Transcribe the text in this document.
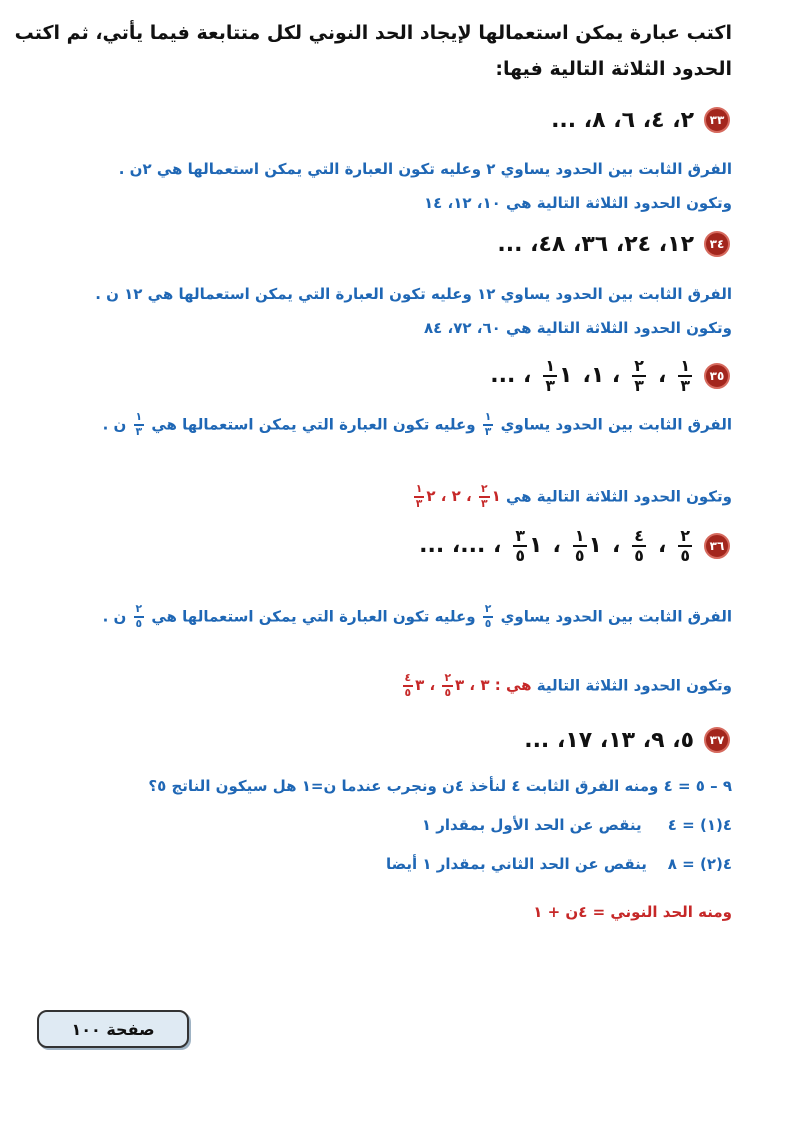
اكتب عبارة يمكن استعمالها لإيجاد الحد النوني لكل متتابعة فيما يأتي، ثم اكتب
الحدود الثلاثة التالية فيها:
٣٣
٢، ٤، ٦، ٨، ...
الفرق الثابت بين الحدود يساوي ٢ وعليه تكون العبارة التي يمكن استعمالها هي ٢ن .
وتكون الحدود الثلاثة التالية هي ١٠، ١٢، ١٤
٣٤
١٢، ٢٤، ٣٦، ٤٨، ...
الفرق الثابت بين الحدود يساوي ١٢ وعليه تكون العبارة التي يمكن استعمالها هي ١٢ ن .
وتكون الحدود الثلاثة التالية هي ٦٠، ٧٢، ٨٤
٣٥
$\frac{١}{٣}$
،
$\frac{٢}{٣}$
، ١،
١
$\frac{١}{٣}$
، ...
الفرق الثابت بين الحدود يساوي
$\frac{١}{٣}$
وعليه تكون العبارة التي يمكن استعمالها هي
$\frac{١}{٣}$
ن .
وتكون الحدود الثلاثة التالية هي ١
$\frac{٢}{٣}$
، ٢ ، ٢
$\frac{١}{٣}$
٣٦
$\frac{٢}{٥}$
،
$\frac{٤}{٥}$
،
١
$\frac{١}{٥}$
،
١
$\frac{٣}{٥}$
، ...، ...
الفرق الثابت بين الحدود يساوي
$\frac{٢}{٥}$
وعليه تكون العبارة التي يمكن استعمالها هي
$\frac{٢}{٥}$
ن .
وتكون الحدود الثلاثة التالية هي : ٣ ، ٣
$\frac{٢}{٥}$
، ٣
$\frac{٤}{٥}$
٣٧
٥، ٩، ١٣، ١٧، ...
٩ – ٥ = ٤ ومنه الفرق الثابت ٤ لنأخذ ٤ن ونجرب عندما ن=١ هل سيكون الناتج ٥؟
٤(١) = ٤     ينقص عن الحد الأول بمقدار ١
٤(٢) = ٨    ينقص عن الحد الثاني بمقدار ١ أيضا
ومنه الحد النوني = ٤ن + ١
صفحة ١٠٠
